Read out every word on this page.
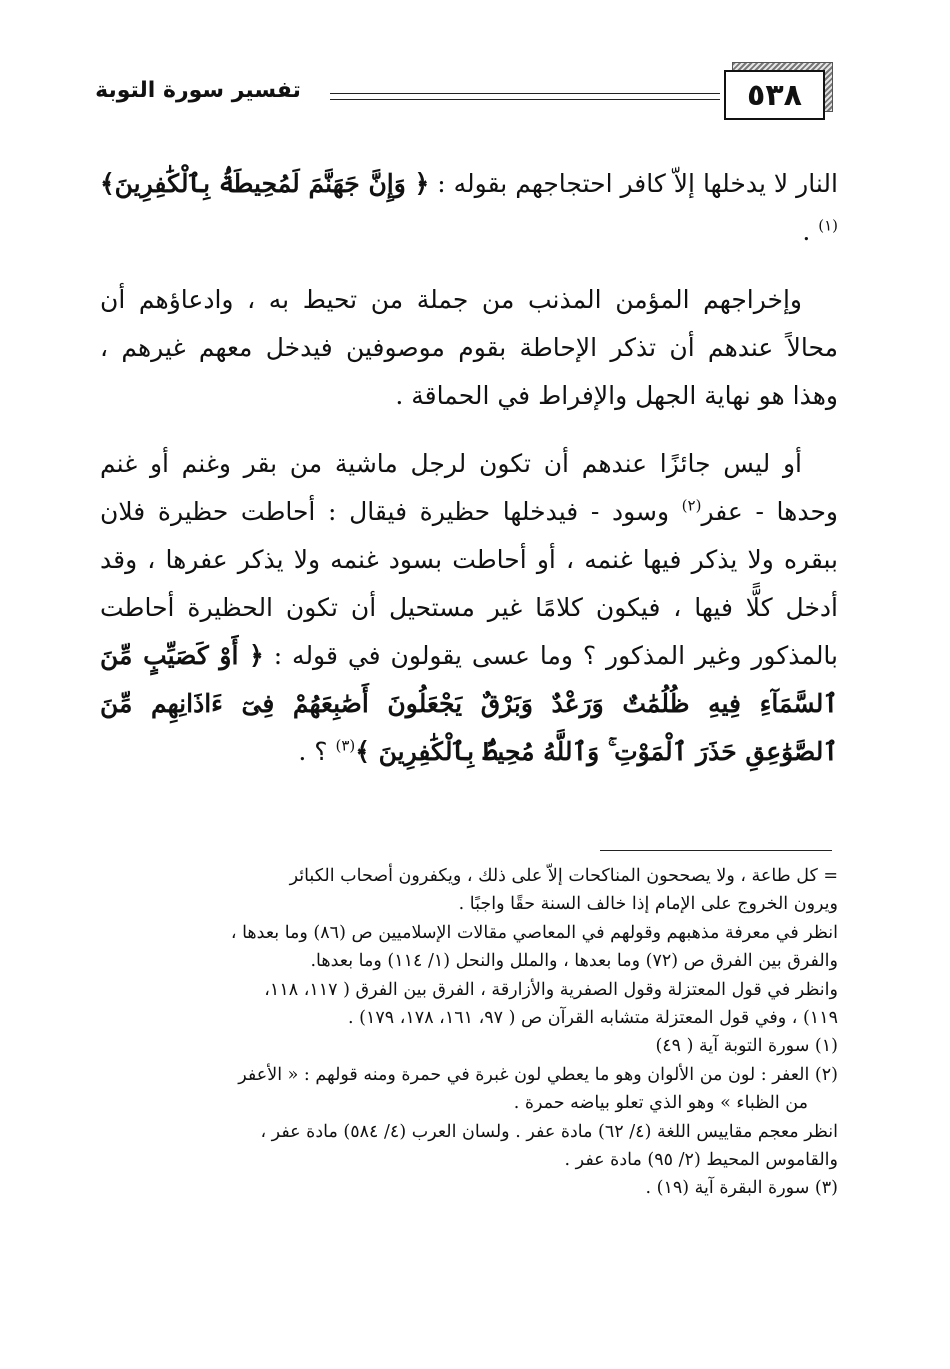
٥٣٨
تفسير سورة التوبة

النار لا يدخلها إلاّ كافر احتجاجهم بقوله : ﴿ وَإِنَّ جَهَنَّمَ لَمُحِيطَةُۢ بِٱلْكَٰفِرِينَ﴾$^{(١)}$ .

وإخراجهم المؤمن المذنب من جملة من تحيط به ، وادعاؤهم أن محالاً عندهم أن تذكر الإحاطة بقوم موصوفين فيدخل معهم غيرهم ، وهذا هو نهاية الجهل والإفراط في الحماقة .

أو ليس جائزًا عندهم أن تكون لرجل ماشية من بقر وغنم أو غنم وحدها - عفر$^{(٢)}$ وسود - فيدخلها حظيرة فيقال : أحاطت حظيرة فلان ببقره ولا يذكر فيها غنمه ، أو أحاطت بسود غنمه ولا يذكر عفرها ، وقد أدخل كلًّا فيها ، فيكون كلامًا غير مستحيل أن تكون الحظيرة أحاطت بالمذكور وغير المذكور ؟ وما عسى يقولون في قوله : ﴿ أَوْ كَصَيِّبٍ مِّنَ ٱلسَّمَآءِ فِيهِ ظُلُمَٰتٌ وَرَعْدٌ وَبَرْقٌ يَجْعَلُونَ أَصَٰبِعَهُمْ فِىٓ ءَاذَانِهِم مِّنَ ٱلصَّوَٰعِقِ حَذَرَ ٱلْمَوْتِ ۚ وَٱللَّهُ مُحِيطٌۢ بِٱلْكَٰفِرِينَ ﴾$^{(٣)}$ ؟ .

= كل طاعة ، ولا يصححون المناكحات إلاّ على ذلك ، ويكفرون أصحاب الكبائر

ويرون الخروج على الإمام إذا خالف السنة حقًا واجبًا .

انظر في معرفة مذهبهم وقولهم في المعاصي مقالات الإسلاميين ص (٨٦) وما بعدها ،

والفرق بين الفرق ص (٧٢) وما بعدها ، والملل والنحل (١/ ١١٤) وما بعدها.

وانظر في قول المعتزلة وقول الصفرية والأزارقة ، الفرق بين الفرق ( ١١٧، ١١٨،

١١٩) ، وفي قول المعتزلة متشابه القرآن ص ( ٩٧، ١٦١، ١٧٨، ١٧٩) .

(١) سورة التوبة آية ( ٤٩)

(٢) العفر : لون من الألوان وهو ما يعطي لون غبرة في حمرة ومنه قولهم : « الأعفر

من الظباء » وهو الذي تعلو بياضه حمرة .

انظر معجم مقاييس اللغة (٤/ ٦٢) مادة عفر . ولسان العرب (٤/ ٥٨٤) مادة عفر ،

والقاموس المحيط (٢/ ٩٥) مادة عفر .

(٣) سورة البقرة آية (١٩) .
